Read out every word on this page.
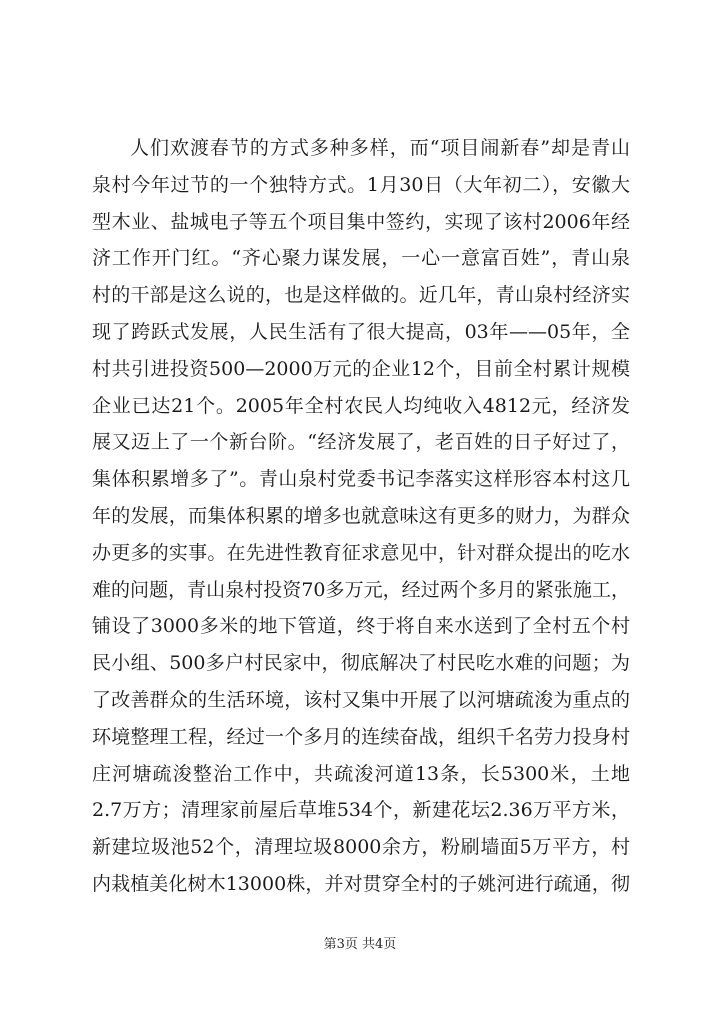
人们欢渡春节的方式多种多样，而“项目闹新春”却是青山
泉村今年过节的一个独特方式。1月30日（大年初二），安徽大
型木业、盐城电子等五个项目集中签约，实现了该村2006年经
济工作开门红。“齐心聚力谋发展，一心一意富百姓”，青山泉
村的干部是这么说的，也是这样做的。近几年，青山泉村经济实
现了跨跃式发展，人民生活有了很大提高，03年——05年，全
村共引进投资500—2000万元的企业12个，目前全村累计规模
企业已达21个。2005年全村农民人均纯收入4812元，经济发
展又迈上了一个新台阶。“经济发展了，老百姓的日子好过了，
集体积累增多了”。青山泉村党委书记李落实这样形容本村这几
年的发展，而集体积累的增多也就意味这有更多的财力，为群众
办更多的实事。在先进性教育征求意见中，针对群众提出的吃水
难的问题，青山泉村投资70多万元，经过两个多月的紧张施工，
铺设了3000多米的地下管道，终于将自来水送到了全村五个村
民小组、500多户村民家中，彻底解决了村民吃水难的问题；为
了改善群众的生活环境，该村又集中开展了以河塘疏浚为重点的
环境整理工程，经过一个多月的连续奋战，组织千名劳力投身村
庄河塘疏浚整治工作中，共疏浚河道13条，长5300米，土地
2.7万方；清理家前屋后草堆534个，新建花坛2.36万平方米，
新建垃圾池52个，清理垃圾8000余方，粉刷墙面5万平方，村
内栽植美化树木13000株，并对贯穿全村的子姚河进行疏通，彻
第3页 共4页
